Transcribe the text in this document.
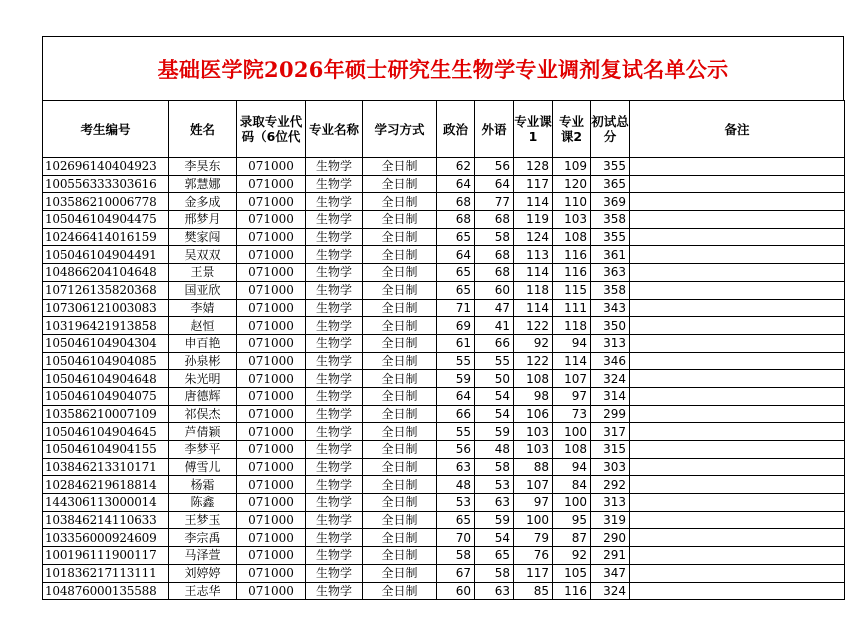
基础医学院2026年硕士研究生生物学专业调剂复试名单公示
考生编号	姓名	录取专业代码（6位代	专业名称	学习方式	政治	外语	专业课1	专业课2	初试总分	备注
102696140404923	李昊东	071000	生物学	全日制	62	56	128	109	355	
100556333303616	郭慧娜	071000	生物学	全日制	64	64	117	120	365	
103586210006778	金多成	071000	生物学	全日制	68	77	114	110	369	
105046104904475	邢梦月	071000	生物学	全日制	68	68	119	103	358	
102466414016159	樊家闯	071000	生物学	全日制	65	58	124	108	355	
105046104904491	吴双双	071000	生物学	全日制	64	68	113	116	361	
104866204104648	王景	071000	生物学	全日制	65	68	114	116	363	
107126135820368	国亚欣	071000	生物学	全日制	65	60	118	115	358	
107306121003083	李婧	071000	生物学	全日制	71	47	114	111	343	
103196421913858	赵恒	071000	生物学	全日制	69	41	122	118	350	
105046104904304	申百艳	071000	生物学	全日制	61	66	92	94	313	
105046104904085	孙泉彬	071000	生物学	全日制	55	55	122	114	346	
105046104904648	朱光明	071000	生物学	全日制	59	50	108	107	324	
105046104904075	唐德辉	071000	生物学	全日制	64	54	98	97	314	
103586210007109	祁俣杰	071000	生物学	全日制	66	54	106	73	299	
105046104904645	芦倩颖	071000	生物学	全日制	55	59	103	100	317	
105046104904155	李梦平	071000	生物学	全日制	56	48	103	108	315	
103846213310171	傅雪儿	071000	生物学	全日制	63	58	88	94	303	
102846219618814	杨霜	071000	生物学	全日制	48	53	107	84	292	
144306113000014	陈鑫	071000	生物学	全日制	53	63	97	100	313	
103846214110633	王梦玉	071000	生物学	全日制	65	59	100	95	319	
103356000924609	李宗禹	071000	生物学	全日制	70	54	79	87	290	
100196111900117	马泽萱	071000	生物学	全日制	58	65	76	92	291	
101836217113111	刘婷婷	071000	生物学	全日制	67	58	117	105	347	
104876000135588	王志华	071000	生物学	全日制	60	63	85	116	324	
